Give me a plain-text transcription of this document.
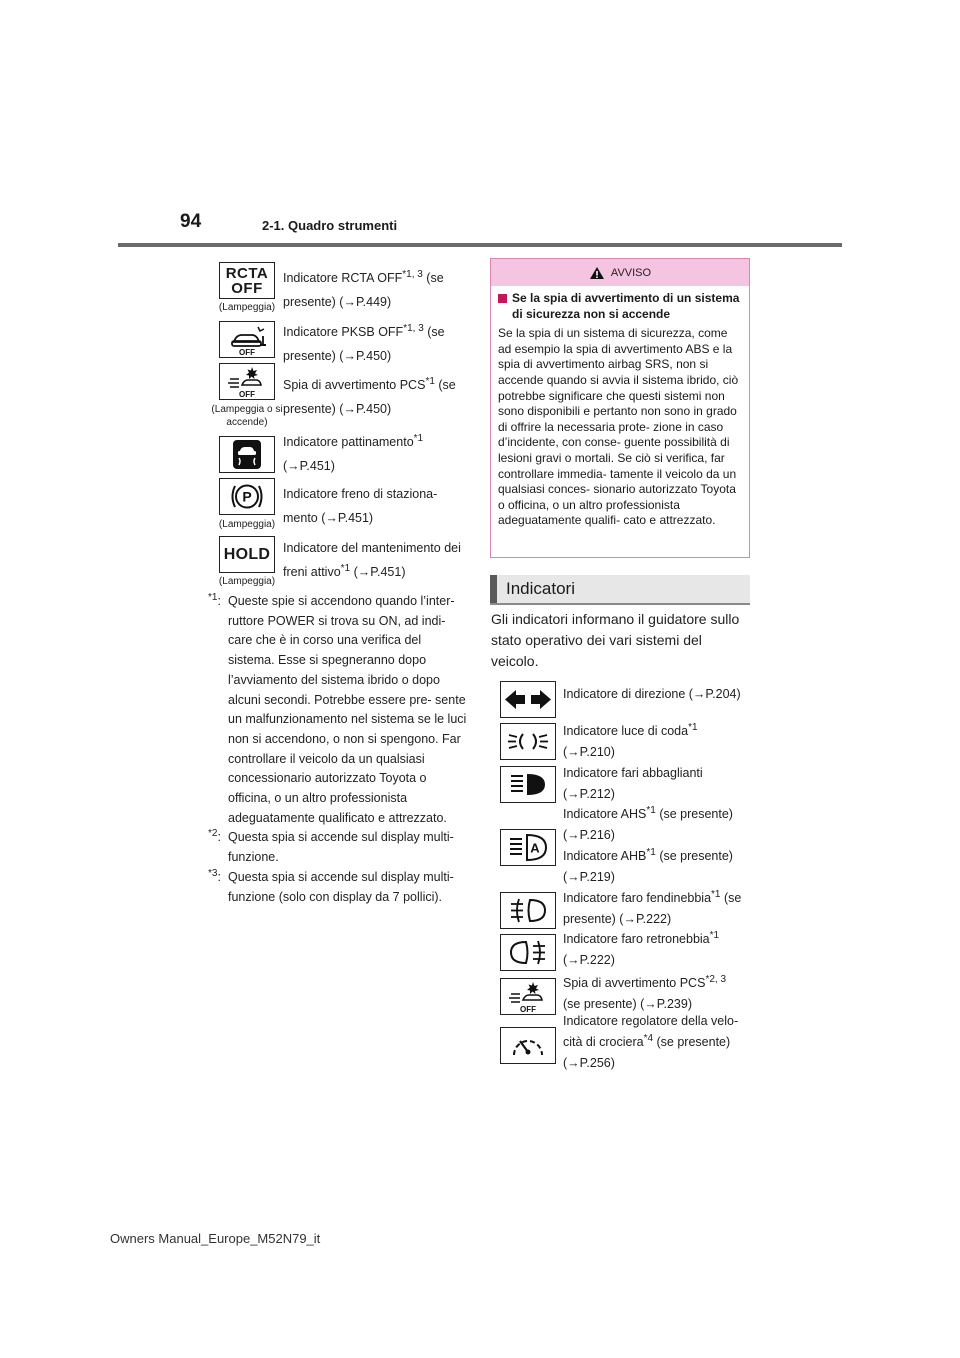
94	2-1. Quadro strumenti
RCTA
OFF
(Lampeggia)
Indicatore RCTA OFF$^{*1, 3}$ (se
presente) (→P.449)
OFF
Indicatore PKSB OFF$^{*1, 3}$ (se
presente) (→P.450)
OFF
(Lampeggia o si accende)
Spia di avvertimento PCS$^{*1}$ (se
presente) (→P.450)
Indicatore pattinamento$^{*1}$
(→P.451)
P
(Lampeggia)
Indicatore freno di staziona-
mento (→P.451)
HOLD
(Lampeggia)
Indicatore del mantenimento dei
freni attivo$^{*1}$ (→P.451)
$^{*1}$: Queste spie si accendono quando l’inter- ruttore POWER si trova su ON, ad indi- care che è in corso una verifica del sistema. Esse si spegneranno dopo l’avviamento del sistema ibrido o dopo alcuni secondi. Potrebbe essere pre- sente un malfunzionamento nel sistema se le luci non si accendono, o non si spengono. Far controllare il veicolo da un qualsiasi concessionario autorizzato Toyota o officina, o un altro professionista adeguatamente qualificato e attrezzato.
$^{*2}$: Questa spia si accende sul display multi- funzione.
$^{*3}$: Questa spia si accende sul display multi- funzione (solo con display da 7 pollici).
AVVISO
Se la spia di avvertimento di un sistema di sicurezza non si accende
Se la spia di un sistema di sicurezza, come ad esempio la spia di avvertimento ABS e la spia di avvertimento airbag SRS, non si accende quando si avvia il sistema ibrido, ciò potrebbe significare che questi sistemi non sono disponibili e pertanto non sono in grado di offrire la necessaria prote- zione in caso d’incidente, con conse- guente possibilità di lesioni gravi o mortali. Se ciò si verifica, far controllare immedia- tamente il veicolo da un qualsiasi conces- sionario autorizzato Toyota o officina, o un altro professionista adeguatamente qualifi- cato e attrezzato.
Indicatori
Gli indicatori informano il guidatore sullo stato operativo dei vari sistemi del veicolo.
Indicatore di direzione (→P.204)
Indicatore luce di coda$^{*1}$
(→P.210)
Indicatore fari abbaglianti
(→P.212)
A
Indicatore AHS$^{*1}$ (se presente)
(→P.216)
Indicatore AHB$^{*1}$ (se presente)
(→P.219)
Indicatore faro fendinebbia$^{*1}$ (se
presente) (→P.222)
Indicatore faro retronebbia$^{*1}$
(→P.222)
OFF
Spia di avvertimento PCS$^{*2, 3}$
(se presente) (→P.239)
Indicatore regolatore della velo-
cità di crociera$^{*4}$ (se presente)
(→P.256)
Owners Manual_Europe_M52N79_it
